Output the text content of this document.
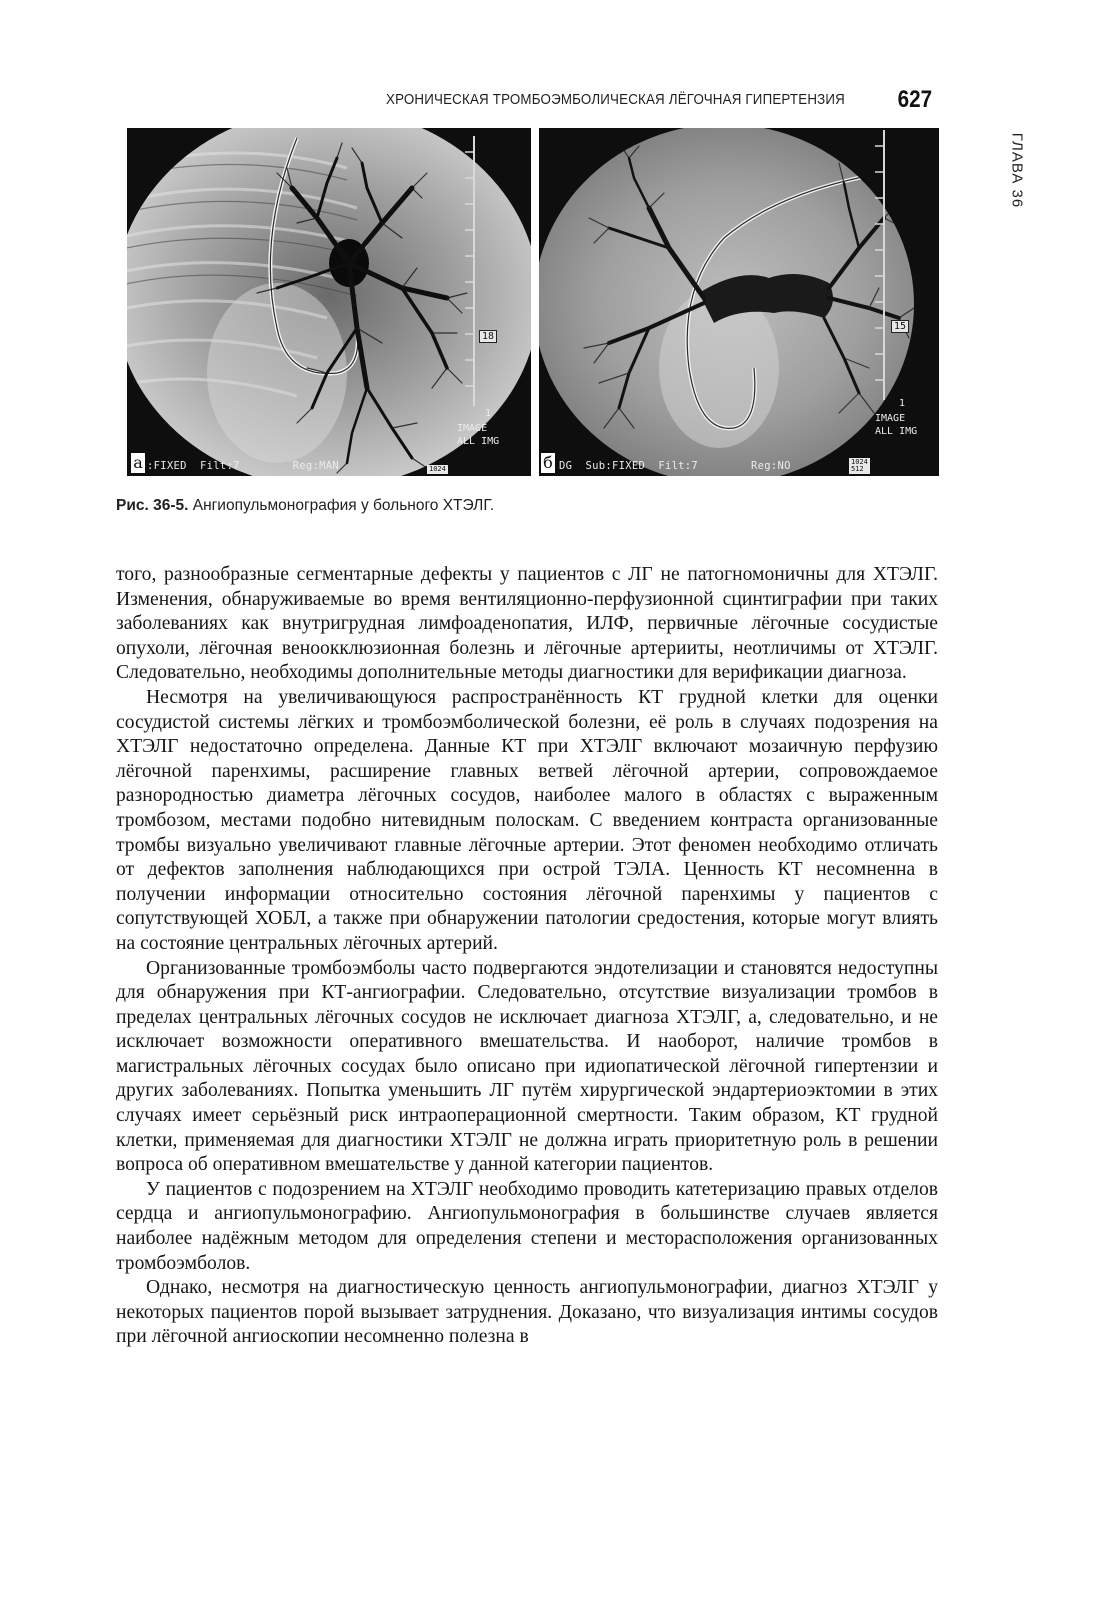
ХРОНИЧЕСКАЯ ТРОМБОЭМБОЛИЧЕСКАЯ ЛЁГОЧНАЯ ГИПЕРТЕНЗИЯ 627
ГЛАВА 36
18
1
IMAGE
ALL IMG
:FIXED  Filt:7        Reg:MAN	1024
а
15
1
IMAGE
ALL IMG
DG  Sub:FIXED  Filt:7        Reg:NO	1024
512
б
Рис. 36-5. Ангиопульмонография у больного ХТЭЛГ.

того, разнообразные сегментарные дефекты у пациентов с ЛГ не патогномоничны для ХТЭЛГ. Изменения, обнаруживаемые во время вентиляционно-перфузионной сцинтиграфии при таких заболеваниях как внутригрудная лимфоаденопатия, ИЛФ, первичные лёгочные сосудистые опухоли, лёгочная веноокклюзионная болезнь и лёгочные артерииты, неотличимы от ХТЭЛГ. Следовательно, необходимы дополнительные методы диагностики для верификации диагноза.

Несмотря на увеличивающуюся распространённость КТ грудной клетки для оценки сосудистой системы лёгких и тромбоэмболической болезни, её роль в случаях подозрения на ХТЭЛГ недостаточно определена. Данные КТ при ХТЭЛГ включают мозаичную перфузию лёгочной паренхимы, расширение главных ветвей лёгочной артерии, сопровождаемое разнородностью диаметра лёгочных сосудов, наиболее малого в областях с выраженным тромбозом, местами подобно нитевидным полоскам. С введением контраста организованные тромбы визуально увеличивают главные лёгочные артерии. Этот феномен необходимо отличать от дефектов заполнения наблюдающихся при острой ТЭЛА. Ценность КТ несомненна в получении информации относительно состояния лёгочной паренхимы у пациентов с сопутствующей ХОБЛ, а также при обнаружении патологии средостения, которые могут влиять на состояние центральных лёгочных артерий.

Организованные тромбоэмболы часто подвергаются эндотелизации и становятся недоступны для обнаружения при КТ-ангиографии. Следовательно, отсутствие визуализации тромбов в пределах центральных лёгочных сосудов не исключает диагноза ХТЭЛГ, а, следовательно, и не исключает возможности оперативного вмешательства. И наоборот, наличие тромбов в магистральных лёгочных сосудах было описано при идиопатической лёгочной гипертензии и других заболеваниях. Попытка уменьшить ЛГ путём хирургической эндартериоэктомии в этих случаях имеет серьёзный риск интраоперационной смертности. Таким образом, КТ грудной клетки, применяемая для диагностики ХТЭЛГ не должна играть приоритетную роль в решении вопроса об оперативном вмешательстве у данной категории пациентов.

У пациентов с подозрением на ХТЭЛГ необходимо проводить катетеризацию правых отделов сердца и ангиопульмонографию. Ангиопульмонография в большинстве случаев является наиболее надёжным методом для определения степени и месторасположения организованных тромбоэмболов.

Однако, несмотря на диагностическую ценность ангиопульмонографии, диагноз ХТЭЛГ у некоторых пациентов порой вызывает затруднения. Доказано, что визуализация интимы сосудов при лёгочной ангиоскопии несомненно полезна в
